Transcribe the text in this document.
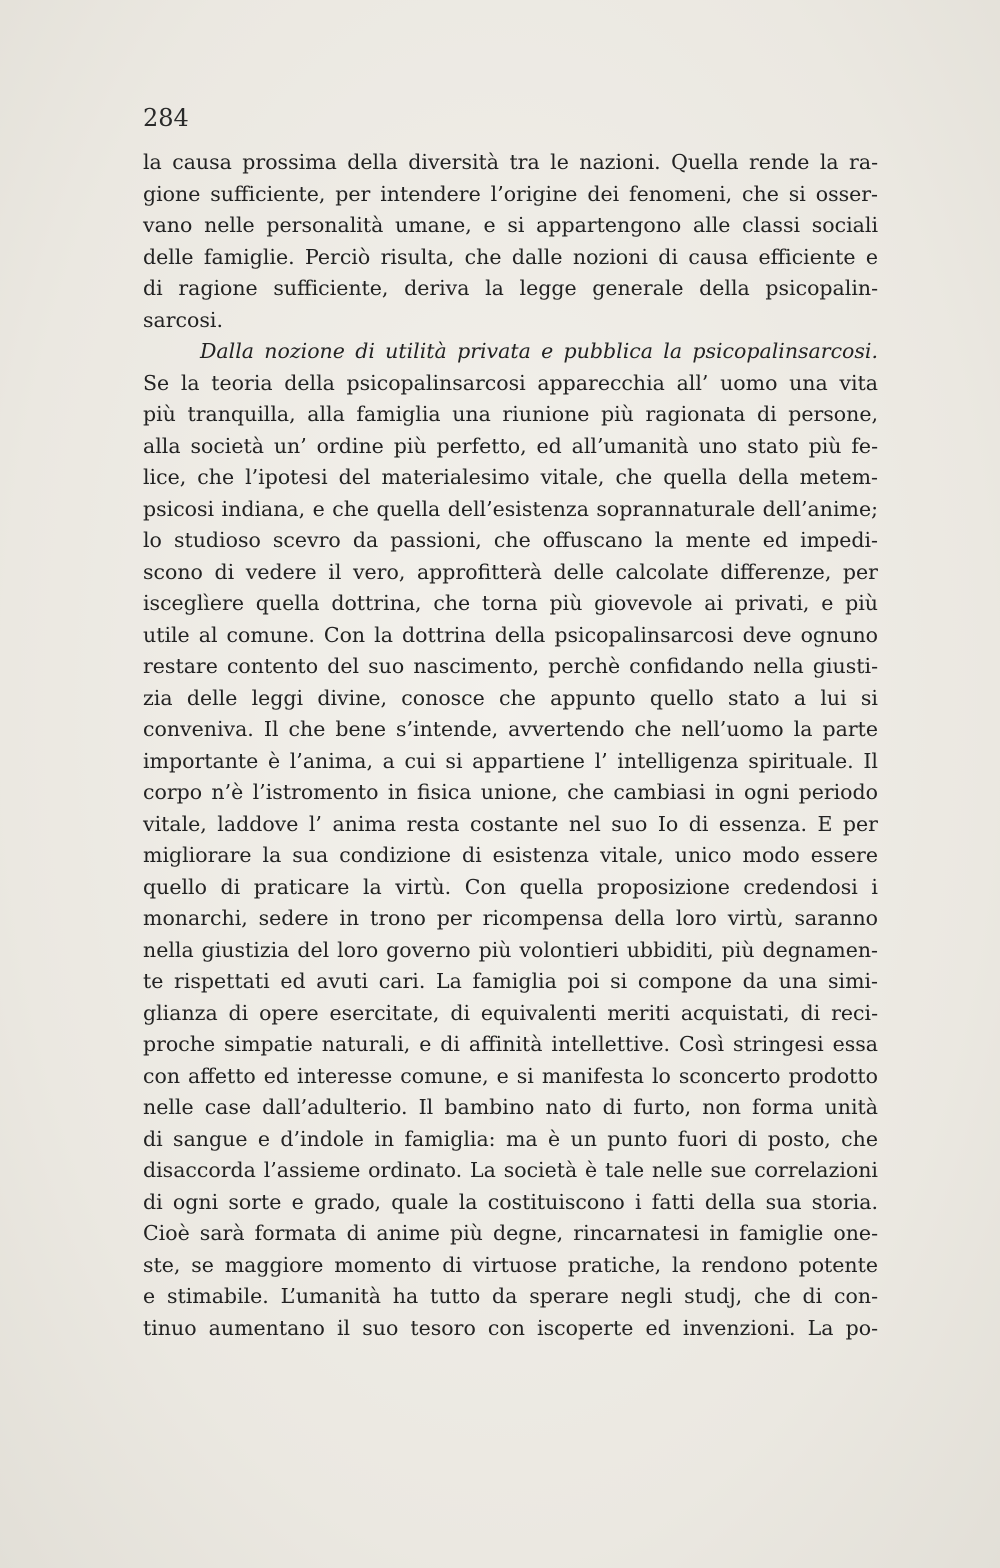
284
la causa prossima della diversità tra le nazioni. Quella rende la ra-
gione sufficiente, per intendere l’origine dei fenomeni, che si osser-
vano nelle personalità umane, e si appartengono alle classi sociali
delle famiglie. Perciò risulta, che dalle nozioni di causa efficiente e
di ragione sufficiente, deriva la legge generale della psicopalin-
sarcosi.
Dalla nozione di utilità privata e pubblica la psicopalinsarcosi.
Se la teoria della psicopalinsarcosi apparecchia all’ uomo una vita
più tranquilla, alla famiglia una riunione più ragionata di persone,
alla società un’ ordine più perfetto, ed all’umanità uno stato più fe-
lice, che l’ipotesi del materialesimo vitale, che quella della metem-
psicosi indiana, e che quella dell’esistenza soprannaturale dell’anime;
lo studioso scevro da passioni, che offuscano la mente ed impedi-
scono di vedere il vero, approfitterà delle calcolate differenze, per
isceglìere quella dottrina, che torna più giovevole ai privati, e più
utile al comune. Con la dottrina della psicopalinsarcosi deve ognuno
restare contento del suo nascimento, perchè confidando nella giusti-
zia delle leggi divine, conosce che appunto quello stato a lui si
conveniva. Il che bene s’intende, avvertendo che nell’uomo la parte
importante è l’anima, a cui si appartiene l’ intelligenza spirituale. Il
corpo n’è l’istromento in fisica unione, che cambiasi in ogni periodo
vitale, laddove l’ anima resta costante nel suo Io di essenza. E per
migliorare la sua condizione di esistenza vitale, unico modo essere
quello di praticare la virtù. Con quella proposizione credendosi i
monarchi, sedere in trono per ricompensa della loro virtù, saranno
nella giustizia del loro governo più volontieri ubbiditi, più degnamen-
te rispettati ed avuti cari. La famiglia poi si compone da una simi-
glianza di opere esercitate, di equivalenti meriti acquistati, di reci-
proche simpatie naturali, e di affinità intellettive. Così stringesi essa
con affetto ed interesse comune, e si manifesta lo sconcerto prodotto
nelle case dall’adulterio. Il bambino nato di furto, non forma unità
di sangue e d’indole in famiglia: ma è un punto fuori di posto, che
disaccorda l’assieme ordinato. La società è tale nelle sue correlazioni
di ogni sorte e grado, quale la costituiscono i fatti della sua storia.
Cioè sarà formata di anime più degne, rincarnatesi in famiglie one-
ste, se maggiore momento di virtuose pratiche, la rendono potente
e stimabile. L’umanità ha tutto da sperare negli studj, che di con-
tinuo aumentano il suo tesoro con iscoperte ed invenzioni. La po-
